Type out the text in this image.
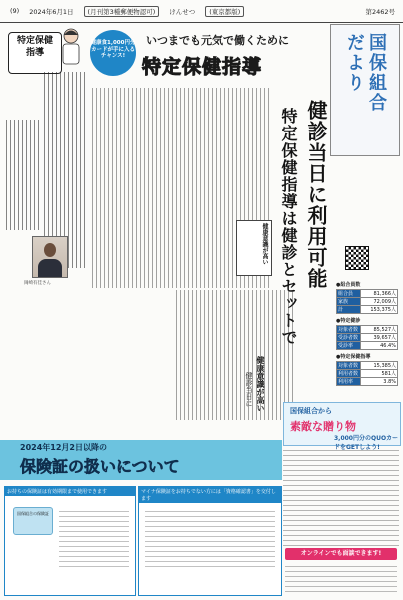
(9) 2024年6月1日	(月刊第3種郵便物認可)	けんせつ	(東京都版)	第2462号
特定保健
指導
岡崎有佳さん
健康食1,000円分カードが手に入るチャンス!
いつまでも元気で働くために
特定保健指導	国保組合
だより
健診当日に利用可能
特定保健指導は健診とセットで
健康意識が高い
健康意識が高い
健診当日に
●組合員数
組合員	81,366人
家族	72,009人
計	153,375人
●特定健診
対象者数	85,527人
受診者数	39,657人
受診率	46.4%
●特定保健指導
対象者数	15,385人
利用者数	581人
利用率	3.8%
国保組合から
素敵な贈り物
3,000円分のQUOカードをGETしよう!
オンラインでも面談できます!
2024年12月2日以降の
保険証の扱いについて
お持ちの保険証は有効期限まで使用できます
国保組合の保険証
マイナ保険証をお持ちでない方には「資格確認書」を交付します
